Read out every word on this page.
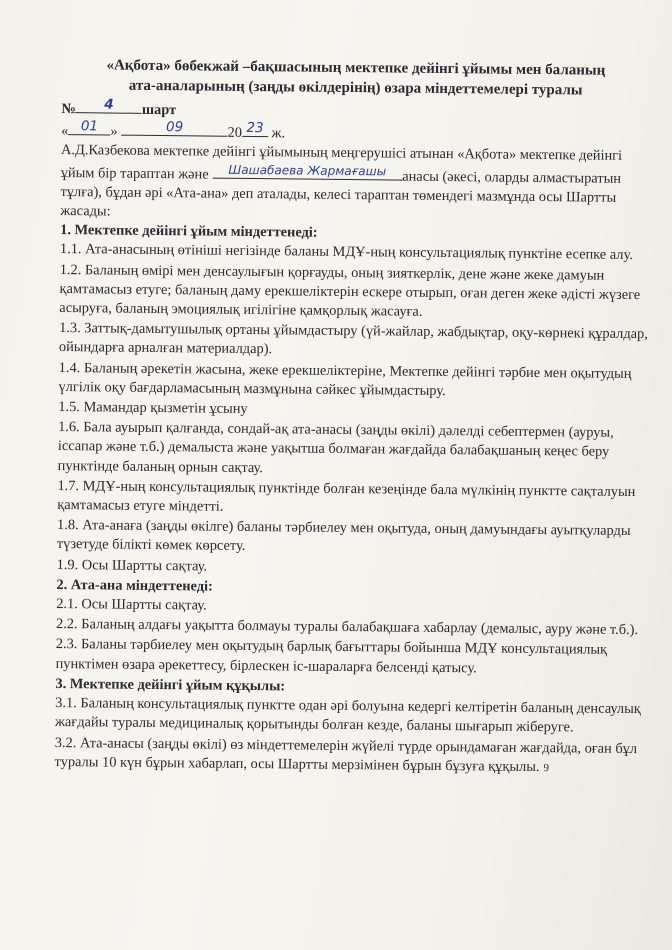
«Ақбота» бөбекжай –бақшасының мектепке дейінгі ұйымы мен баланың
ата-аналарының (заңды өкілдерінің) өзара міндеттемелері туралы

№	4	шарт

« 01 »	09	20 23 ж.

А.Д.Казбекова мектепке дейінгі ұйымының меңгерушісі атынан «Ақбота» мектепке дейінгі ұйым бір тараптан және	Шашабаева Жармағашы	анасы (әкесі, оларды алмастыратын тұлға), бұдан әрі «Ата-ана» деп аталады, келесі тараптан төмендегі мазмұнда осы Шартты жасады:

1. Мектепке дейінгі ұйым міндеттенеді:

1.1. Ата-анасының өтініші негізінде баланы МДҰ-ның консультациялық пунктіне есепке алу.

1.2. Баланың өмірі мен денсаулығын қорғауды, оның зияткерлік, дене және жеке дамуын қамтамасыз етуге; баланың даму ерекшеліктерін ескере отырып, оған деген жеке әдісті жүзеге асыруға, баланың эмоциялық игілігіне қамқорлық жасауға.

1.3. Заттық-дамытушылық ортаны ұйымдастыру (үй-жайлар, жабдықтар, оқу-көрнекі құралдар, ойындарға арналған материалдар).

1.4. Баланың әрекетін жасына, жеке ерекшеліктеріне, Мектепке дейінгі тәрбие мен оқытудың үлгілік оқу бағдарламасының мазмұнына сәйкес ұйымдастыру.

1.5. Мамандар қызметін ұсыну

1.6. Бала ауырып қалғанда, сондай-ақ ата-анасы (заңды өкілі) дәлелді себептермен (ауруы, іссапар және т.б.) демалыста және уақытша болмаған жағдайда балабақшаның кеңес беру пунктінде баланың орнын сақтау.

1.7. МДҰ-ның консультациялық пунктінде болған кезеңінде бала мүлкінің пунктте сақталуын қамтамасыз етуге міндетті.

1.8. Ата-анаға (заңды өкілге) баланы тәрбиелеу мен оқытуда, оның дамуындағы ауытқуларды түзетуде білікті көмек көрсету.

1.9. Осы Шартты сақтау.

2. Ата-ана міндеттенеді:

2.1. Осы Шартты сақтау.

2.2. Баланың алдағы уақытта болмауы туралы балабақшаға хабарлау (демалыс, ауру және т.б.).

2.3. Баланы тәрбиелеу мен оқытудың барлық бағыттары бойынша МДҰ консультациялық пунктімен өзара әрекеттесу, бірлескен іс-шараларға белсенді қатысу.

3. Мектепке дейінгі ұйым құқылы:

3.1. Баланың консультациялық пунктте одан әрі болуына кедергі келтіретін баланың денсаулық жағдайы туралы медициналық қорытынды болған кезде, баланы шығарып жіберуге.

3.2. Ата-анасы (заңды өкілі) өз міндеттемелерін жүйелі түрде орындамаған жағдайда, оған бұл туралы 10 күн бұрын хабарлап, осы Шартты мерзімінен бұрын бұзуға құқылы. 9
